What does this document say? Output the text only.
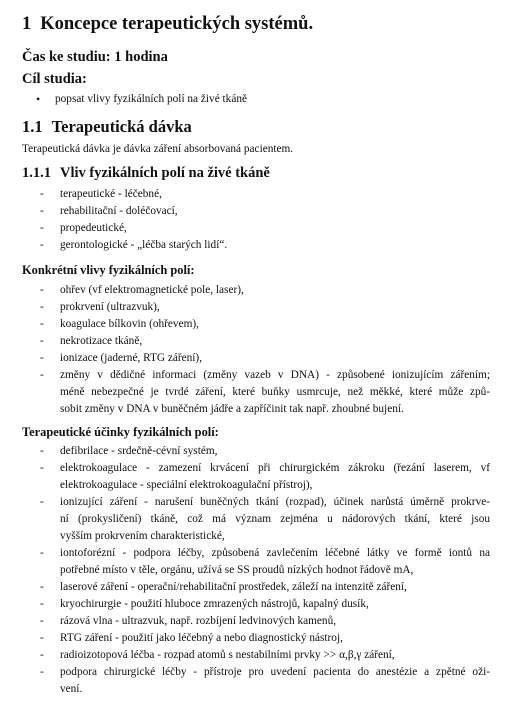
1 Koncepce terapeutických systémů.
Čas ke studiu: 1 hodina
Cíl studia:
• popsat vlivy fyzikálních polí na živé tkáně
1.1 Terapeutická dávka
Terapeutická dávka je dávka záření absorbovaná pacientem.
1.1.1 Vliv fyzikálních polí na živé tkáně
- terapeutické - léčebné,
- rehabilitační - doléčovací,
- propedeutické,
- gerontologické - „léčba starých lidí“.
Konkrétní vlivy fyzikálních polí:
- ohřev (vf elektromagnetické pole, laser),
- prokrvení (ultrazvuk),
- koagulace bílkovin (ohřevem),
- nekrotizace tkáně,
- ionizace (jaderné, RTG záření),
- změny v dědičné informaci (změny vazeb v DNA) - způsobené ionizujícím zářením;
méně nebezpečné je tvrdé záření, které buňky usmrcuje, než měkké, které může způ-
sobit změny v DNA v buněčném jádře a zapříčinit tak např. zhoubné bujení.
Terapeutické účinky fyzikálních polí:
- defibrilace - srdečně-cévní systém,
- elektrokoagulace - zamezení krvácení při chirurgickém zákroku (řezání laserem, vf
elektrokoagulace - speciální elektrokoagulační přístroj),
- ionizující záření - narušení buněčných tkání (rozpad), účinek narůstá úměrně prokrve-
ní (prokysličení) tkáně, což má význam zejména u nádorových tkání, které jsou
vyšším prokrvením charakteristické,
- iontoforézní - podpora léčby, způsobená zavlečením léčebné látky ve formě iontů na
potřebné místo v těle, orgánu, užívá se SS proudů nízkých hodnot řádově mA,
- laserové záření - operační/rehabilitační prostředek, záleží na intenzitě záření,
- kryochirurgie - použití hluboce zmrazených nástrojů, kapalný dusík,
- rázová vlna - ultrazvuk, např. rozbíjení ledvinových kamenů,
- RTG záření - použití jako léčebný a nebo diagnostický nástroj,
- radioizotopová léčba - rozpad atomů s nestabilními prvky >> α,β,γ záření,
- podpora chirurgické léčby - přístroje pro uvedení pacienta do anestézie a zpětné oži-
vení.
